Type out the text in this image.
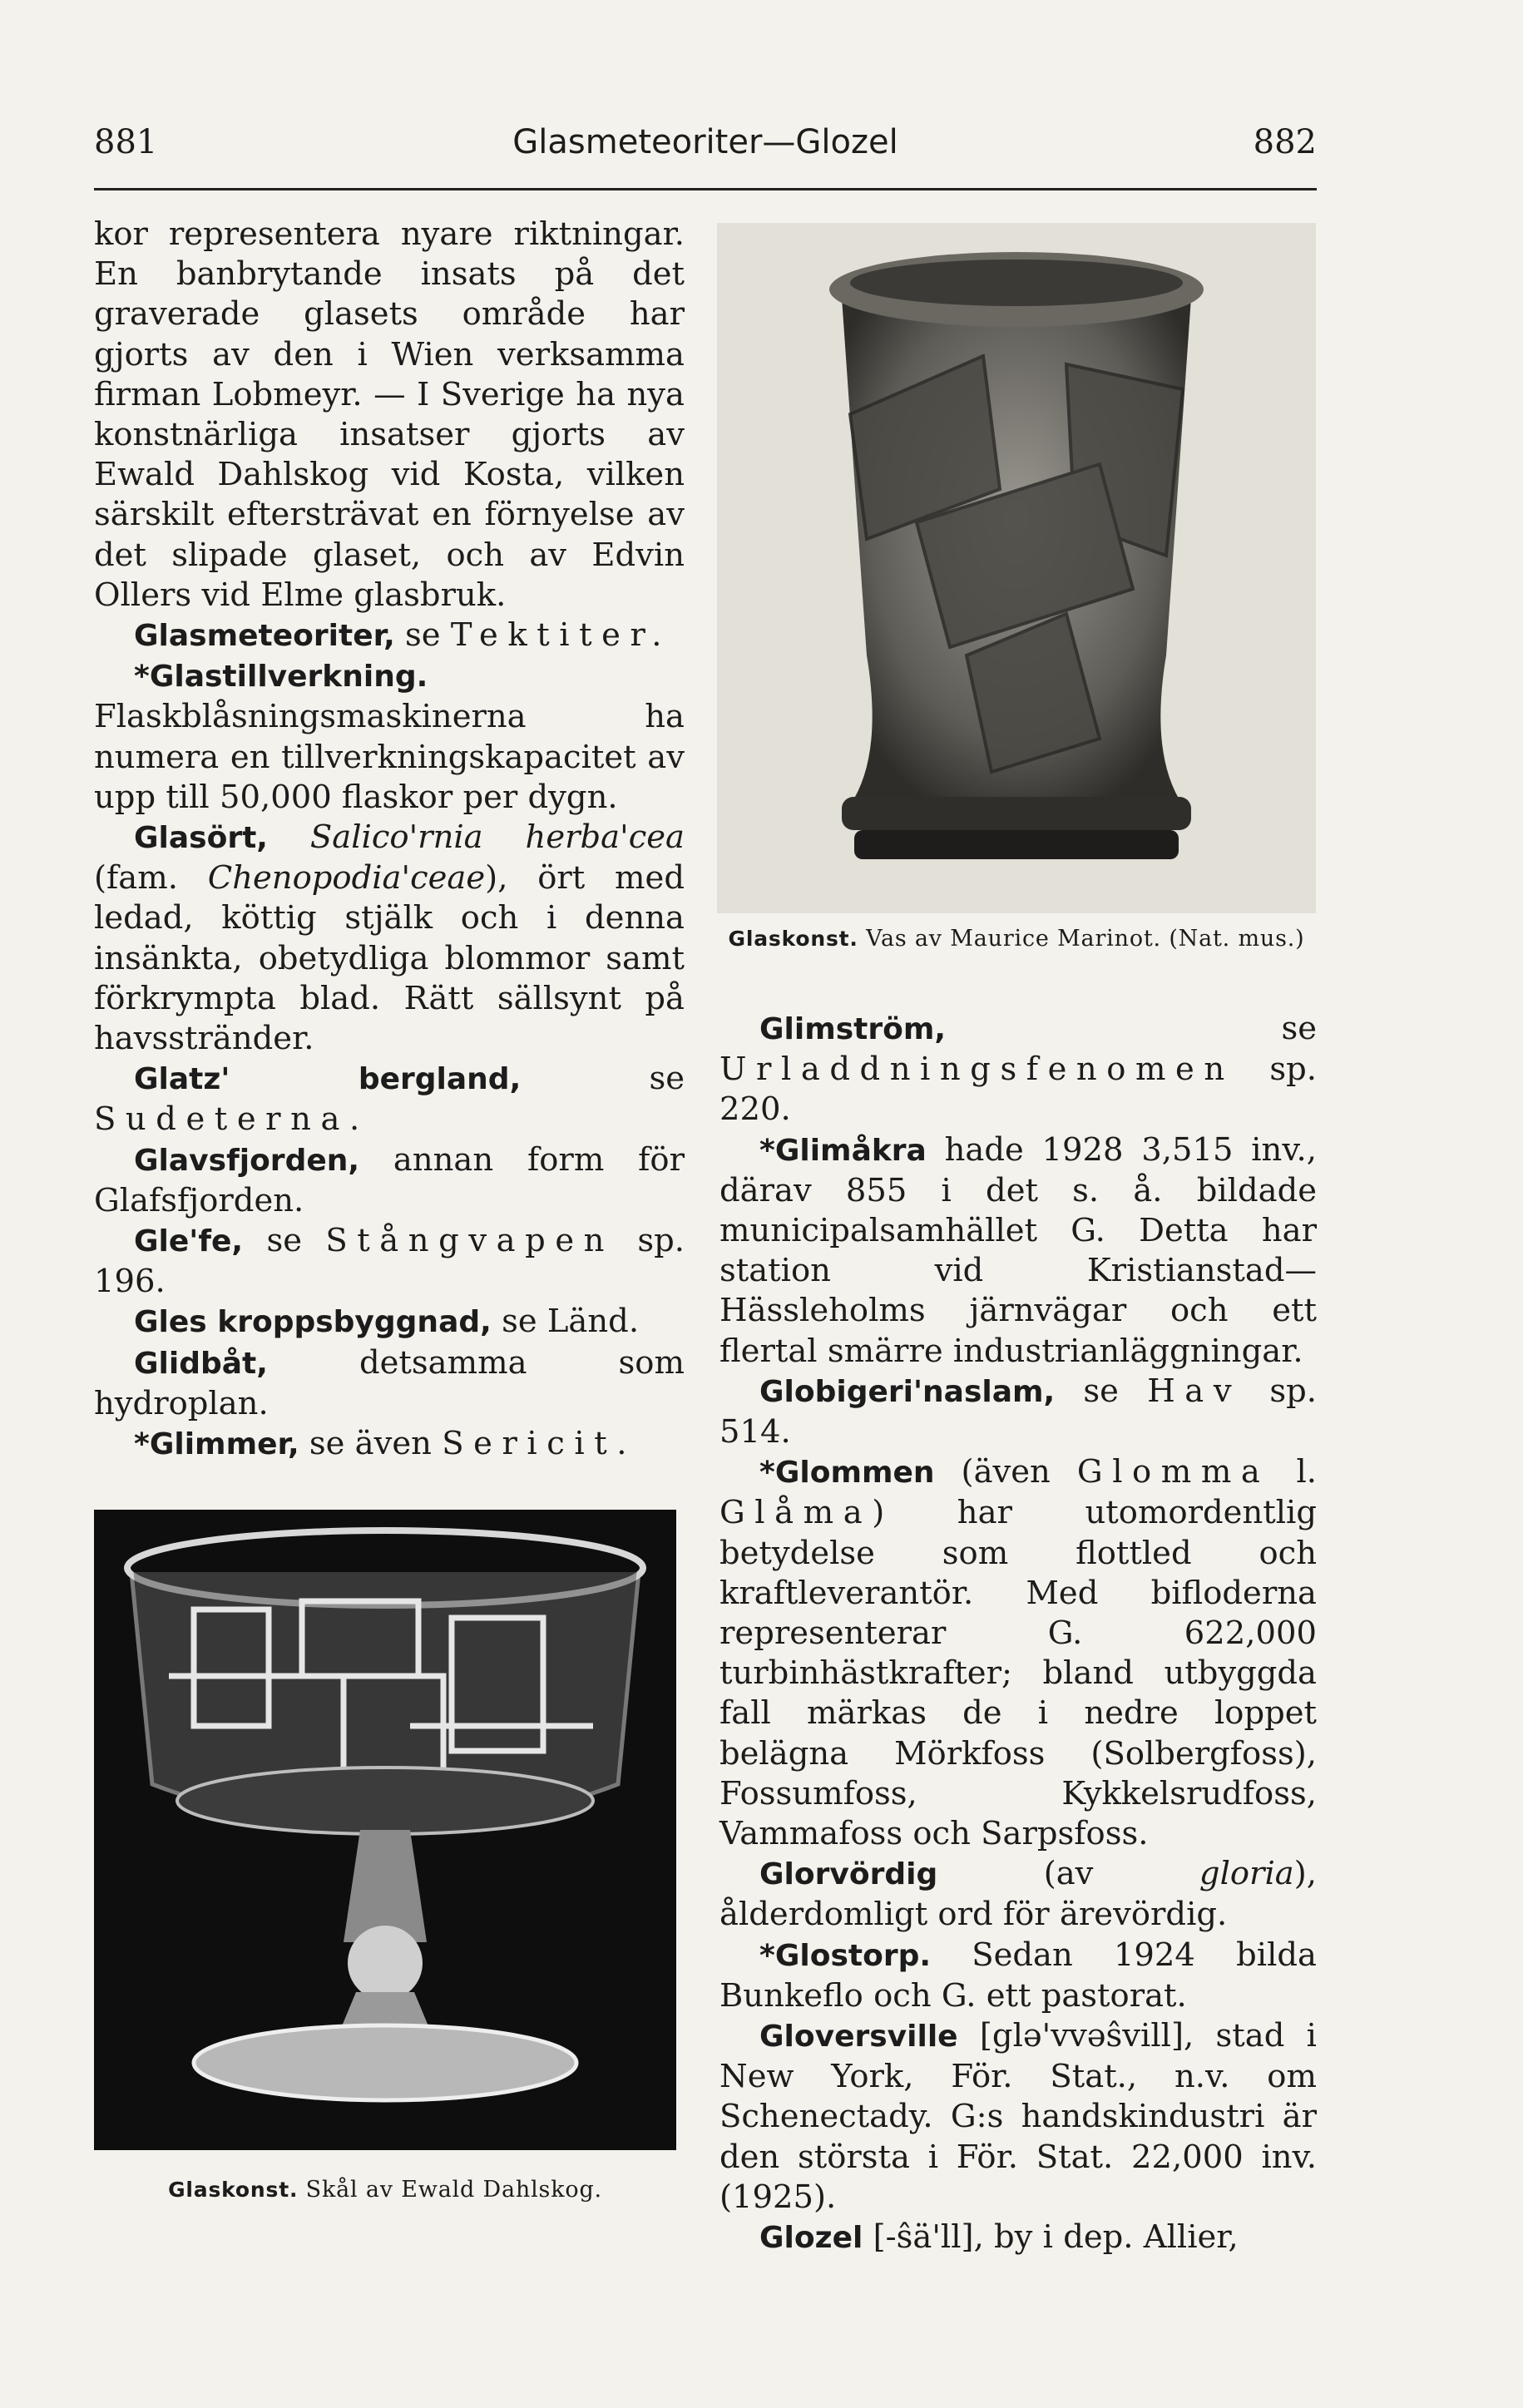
881	Glasmeteoriter—Glozel	882

kor representera nyare riktningar. En banbrytande insats på det graverade glasets område har gjorts av den i Wien verksamma firman Lobmeyr. — I Sverige ha nya konstnärliga insatser gjorts av Ewald Dahlskog vid Kosta, vilken särskilt eftersträvat en förnyelse av det slipade glaset, och av Edvin Ollers vid Elme glasbruk.

Glasmeteoriter, se Tektiter.

*Glastillverkning. Flaskblåsningsmaskinerna ha numera en tillverkningskapacitet av upp till 50,000 flaskor per dygn.

Glasört, Salico'rnia herba'cea (fam. Chenopodia'ceae), ört med ledad, köttig stjälk och i denna insänkta, obetydliga blommor samt förkrympta blad. Rätt sällsynt på havsstränder.

Glatz' bergland,	se Sudeterna.

Glavsfjorden, annan form för Glafsfjorden.

Gle'fe, se Stångvapen sp. 196.

Gles kroppsbyggnad, se Länd.

Glidbåt,	detsamma som hydroplan.

*Glimmer, se även Sericit.

Glaskonst. Vas av Maurice Marinot. (Nat. mus.)

Glimström,	se Urladdningsfenomen sp. 220.

*Glimåkra hade 1928 3,515 inv., därav 855 i det s. å. bildade municipalsamhället G. Detta har station vid Kristianstad—Hässleholms järnvägar och ett flertal smärre industrianläggningar.

Globigeri'naslam, se Hav sp. 514.

*Glommen (även Glomma l. Glåma) har utomordentlig betydelse som flottled och kraftleverantör. Med bifloderna representerar G. 622,000 turbinhästkrafter; bland utbyggda fall märkas de i nedre loppet belägna Mörkfoss (Solbergfoss), Fossumfoss, Kykkelsrudfoss, Vammafoss och Sarpsfoss.

Glorvördig	(av	gloria), ålderdomligt ord för ärevördig.

*Glostorp. Sedan 1924 bilda Bunkeflo och G. ett pastorat.

Gloversville [glə'vvəŝvill], stad i New York, För. Stat., n.v. om Schenectady. G:s handskindustri är den största i För. Stat. 22,000 inv. (1925).

Glozel [-ŝä'll], by i dep. Allier,

Glaskonst. Skål av Ewald Dahlskog.
